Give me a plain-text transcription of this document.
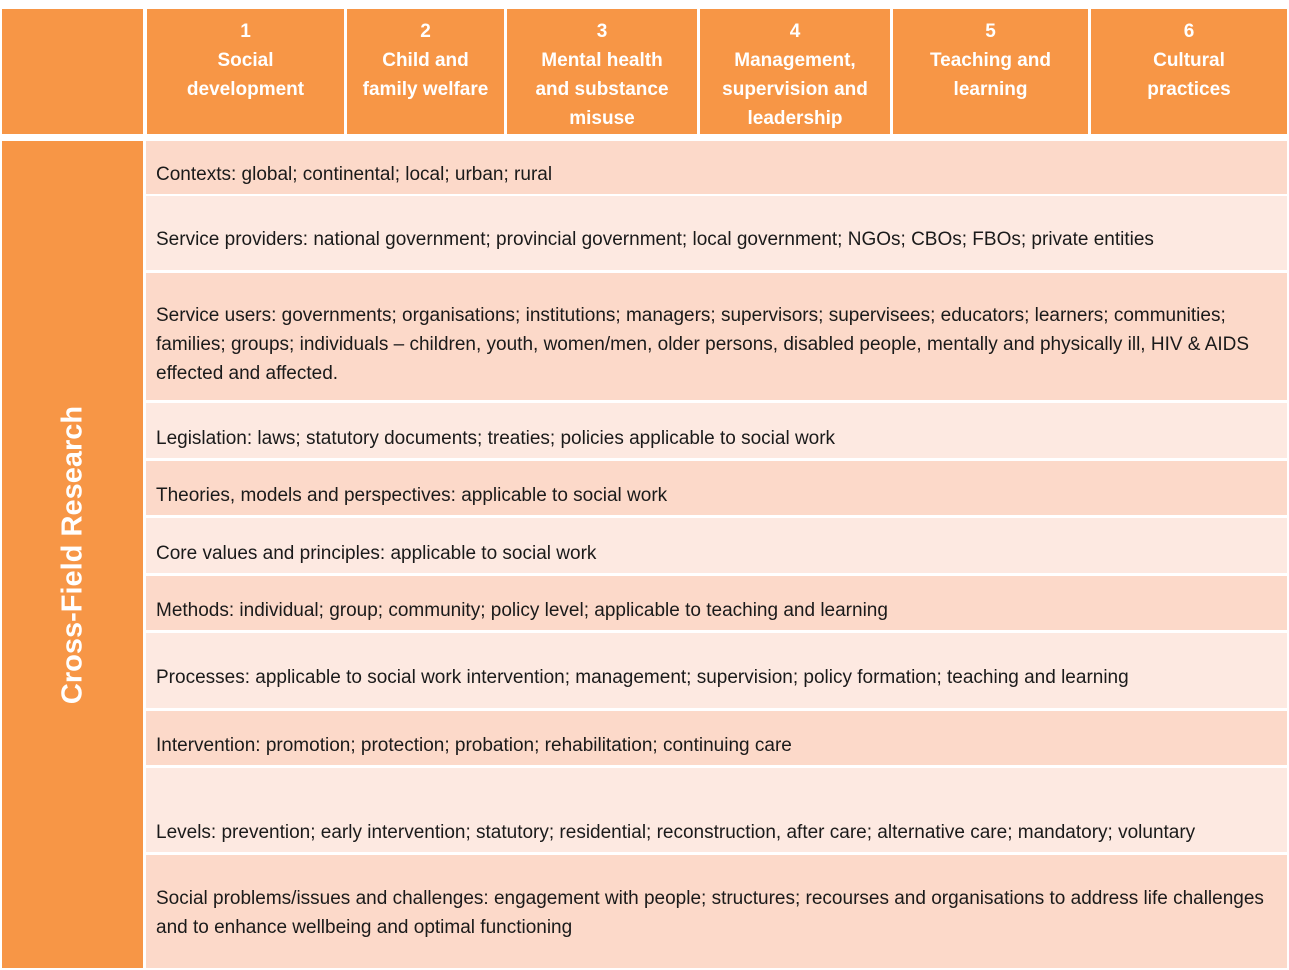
1
Social development
2
Child and family welfare
3
Mental health and substance misuse
4
Management, supervision and leadership
5
Teaching and learning
6
Cultural practices
Cross-Field Research
Contexts: global; continental; local; urban; rural
Service providers: national government; provincial government; local government; NGOs; CBOs; FBOs; private entities
Service users: governments; organisations; institutions; managers; supervisors; supervisees; educators; learners; communities; families; groups; individuals – children, youth, women/men, older persons, disabled people, mentally and physically ill, HIV & AIDS effected and affected.
Legislation: laws; statutory documents; treaties; policies applicable to social work
Theories, models and perspectives: applicable to social work
Core values and principles: applicable to social work
Methods: individual; group; community; policy level; applicable to teaching and learning
Processes: applicable to social work intervention; management; supervision; policy formation; teaching and learning
Intervention: promotion; protection; probation; rehabilitation; continuing care
Levels: prevention; early intervention; statutory; residential; reconstruction, after care; alternative care; mandatory; voluntary
Social problems/issues and challenges: engagement with people; structures; recourses and organisations to address life challenges and to enhance wellbeing and optimal functioning
